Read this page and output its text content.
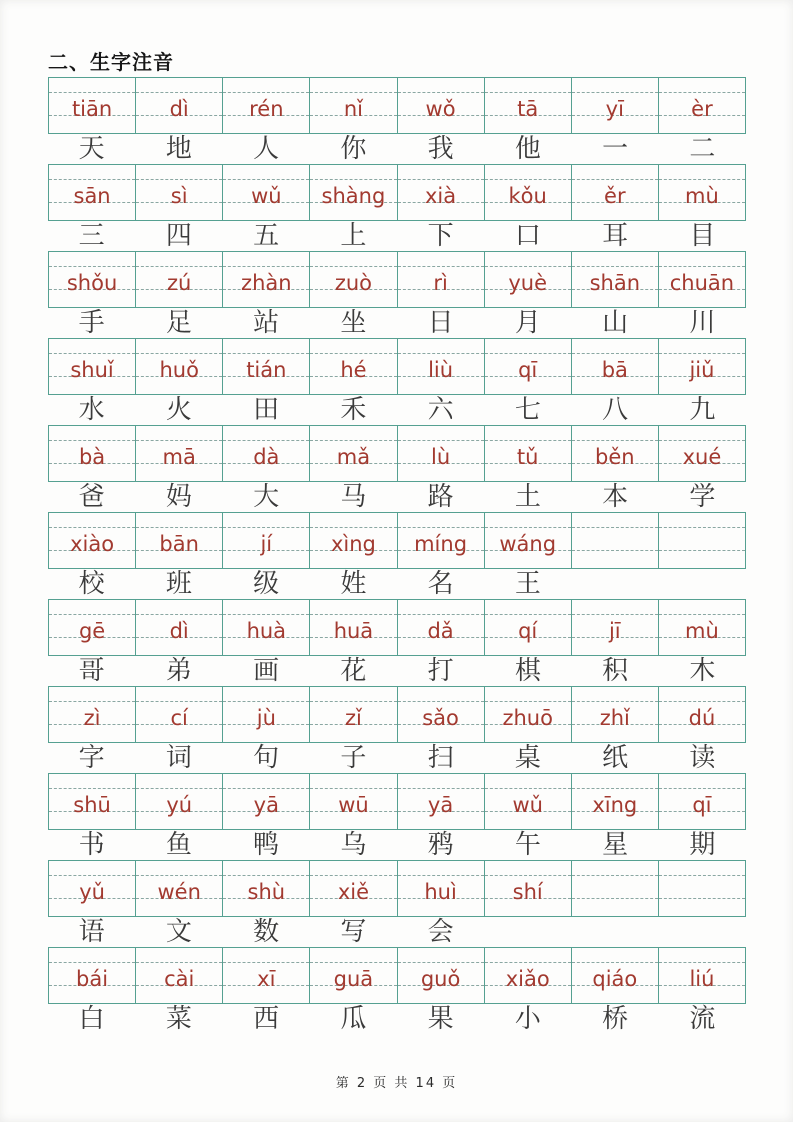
二、生字注音
tiān	dì	rén	nǐ	wǒ	tā	yī	èr
天	地	人	你	我	他	一	二
sān	sì	wǔ	shàng	xià	kǒu	ěr	mù
三	四	五	上	下	口	耳	目
shǒu	zú	zhàn	zuò	rì	yuè	shān	chuān
手	足	站	坐	日	月	山	川
shuǐ	huǒ	tián	hé	liù	qī	bā	jiǔ
水	火	田	禾	六	七	八	九
bà	mā	dà	mǎ	lù	tǔ	běn	xué
爸	妈	大	马	路	土	本	学
xiào	bān	jí	xìng	míng	wáng
校	班	级	姓	名	王
gē	dì	huà	huā	dǎ	qí	jī	mù
哥	弟	画	花	打	棋	积	木
zì	cí	jù	zǐ	sǎo	zhuō	zhǐ	dú
字	词	句	子	扫	桌	纸	读
shū	yú	yā	wū	yā	wǔ	xīng	qī
书	鱼	鸭	乌	鸦	午	星	期
yǔ	wén	shù	xiě	huì	shí
语	文	数	写	会
bái	cài	xī	guā	guǒ	xiǎo	qiáo	liú
白	菜	西	瓜	果	小	桥	流
第 2 页 共 14 页
